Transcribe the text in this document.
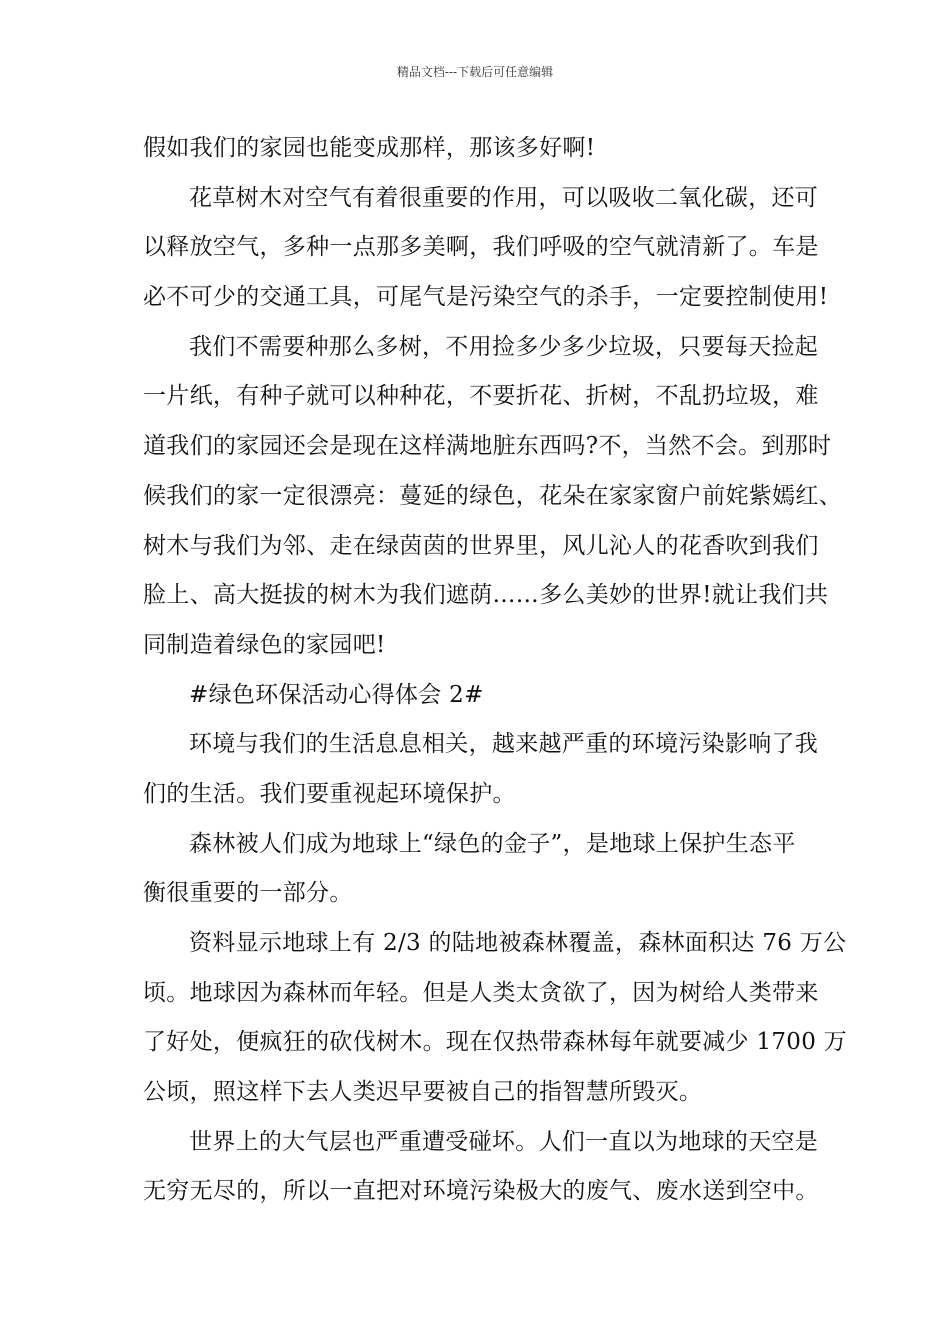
精品文档---下载后可任意编辑
假如我们的家园也能变成那样，那该多好啊!
花草树木对空气有着很重要的作用，可以吸收二氧化碳，还可
以释放空气，多种一点那多美啊，我们呼吸的空气就清新了。车是
必不可少的交通工具，可尾气是污染空气的杀手，一定要控制使用!
我们不需要种那么多树，不用捡多少多少垃圾，只要每天捡起
一片纸，有种子就可以种种花，不要折花、折树，不乱扔垃圾，难
道我们的家园还会是现在这样满地脏东西吗?不，当然不会。到那时
候我们的家一定很漂亮：蔓延的绿色，花朵在家家窗户前姹紫嫣红、
树木与我们为邻、走在绿茵茵的世界里，风儿沁人的花香吹到我们
脸上、高大挺拔的树木为我们遮荫……多么美妙的世界!就让我们共
同制造着绿色的家园吧!
#绿色环保活动心得体会 2#
环境与我们的生活息息相关，越来越严重的环境污染影响了我
们的生活。我们要重视起环境保护。
森林被人们成为地球上“绿色的金子”，是地球上保护生态平
衡很重要的一部分。
资料显示地球上有 2/3 的陆地被森林覆盖，森林面积达 76 万公
顷。地球因为森林而年轻。但是人类太贪欲了，因为树给人类带来
了好处，便疯狂的砍伐树木。现在仅热带森林每年就要减少 1700 万
公顷，照这样下去人类迟早要被自己的指智慧所毁灭。
世界上的大气层也严重遭受碰坏。人们一直以为地球的天空是
无穷无尽的，所以一直把对环境污染极大的废气、废水送到空中。
